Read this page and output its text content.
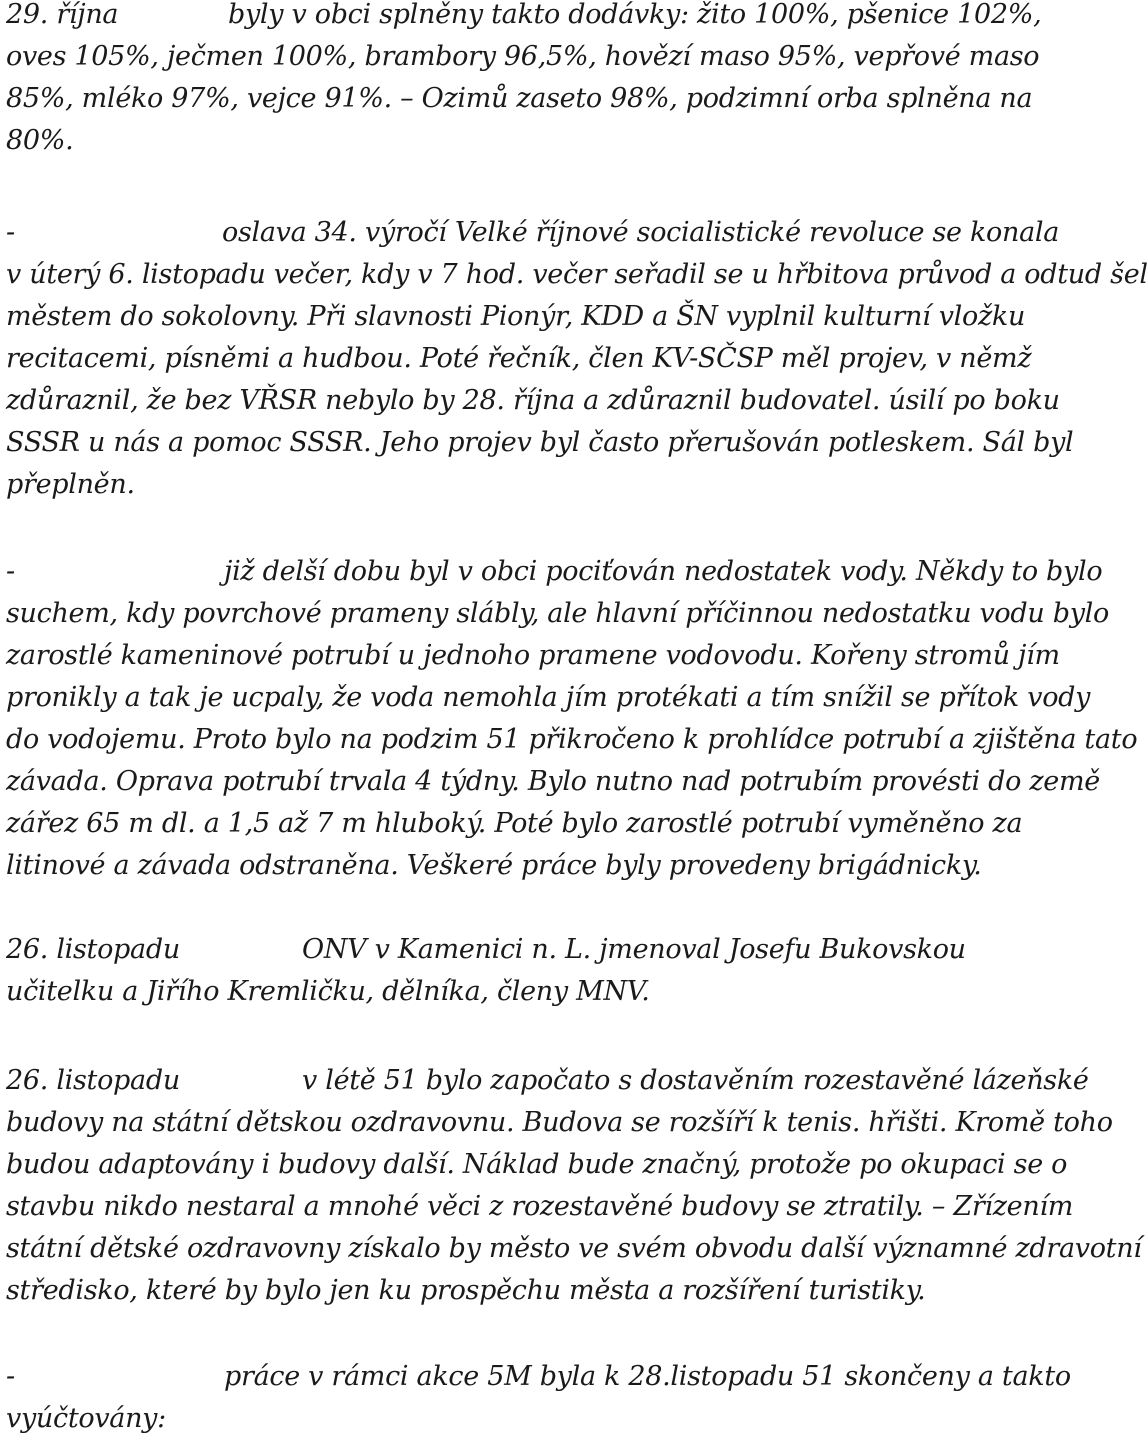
29. října	byly v obci splněny takto dodávky: žito 100%, pšenice 102%,
oves 105%, ječmen 100%, brambory 96,5%, hovězí maso 95%, vepřové maso
85%, mléko 97%, vejce 91%. – Ozimů zaseto 98%, podzimní orba splněna na
80%.
-	oslava 34. výročí Velké říjnové socialistické revoluce se konala
v úterý 6. listopadu večer, kdy v 7 hod. večer seřadil se u hřbitova průvod a odtud šel
městem do sokolovny. Při slavnosti Pionýr, KDD a ŠN vyplnil kulturní vložku
recitacemi, písněmi a hudbou. Poté řečník, člen KV-SČSP měl projev, v němž
zdůraznil, že bez VŘSR nebylo by 28. října a zdůraznil budovatel. úsilí po boku
SSSR u nás a pomoc SSSR. Jeho projev byl často přerušován potleskem. Sál byl
přeplněn.
-	již delší dobu byl v obci pociťován nedostatek vody. Někdy to bylo
suchem, kdy povrchové prameny slábly, ale hlavní příčinnou nedostatku vodu bylo
zarostlé kameninové potrubí u jednoho pramene vodovodu. Kořeny stromů jím
pronikly a tak je ucpaly, že voda nemohla jím protékati a tím snížil se přítok vody
do vodojemu. Proto bylo na podzim 51 přikročeno k prohlídce potrubí a zjištěna tato
závada. Oprava potrubí trvala 4 týdny. Bylo nutno nad potrubím provésti do země
zářez 65 m dl. a 1,5 až 7 m hluboký. Poté bylo zarostlé potrubí vyměněno za
litinové a závada odstraněna. Veškeré práce byly provedeny brigádnicky.
26. listopadu	ONV v Kamenici n. L. jmenoval Josefu Bukovskou
učitelku a Jiřího Kremličku, dělníka, členy MNV.
26. listopadu	v létě 51 bylo započato s dostavěním rozestavěné lázeňské
budovy na státní dětskou ozdravovnu. Budova se rozšíří k tenis. hřišti. Kromě toho
budou adaptovány i budovy další. Náklad bude značný, protože po okupaci se o
stavbu nikdo nestaral a mnohé věci z rozestavěné budovy se ztratily. – Zřízením
státní dětské ozdravovny získalo by město ve svém obvodu další významné zdravotní
středisko, které by bylo jen ku prospěchu města a rozšíření turistiky.
-	práce v rámci akce 5M byla k 28.listopadu 51 skončeny a takto
vyúčtovány:
